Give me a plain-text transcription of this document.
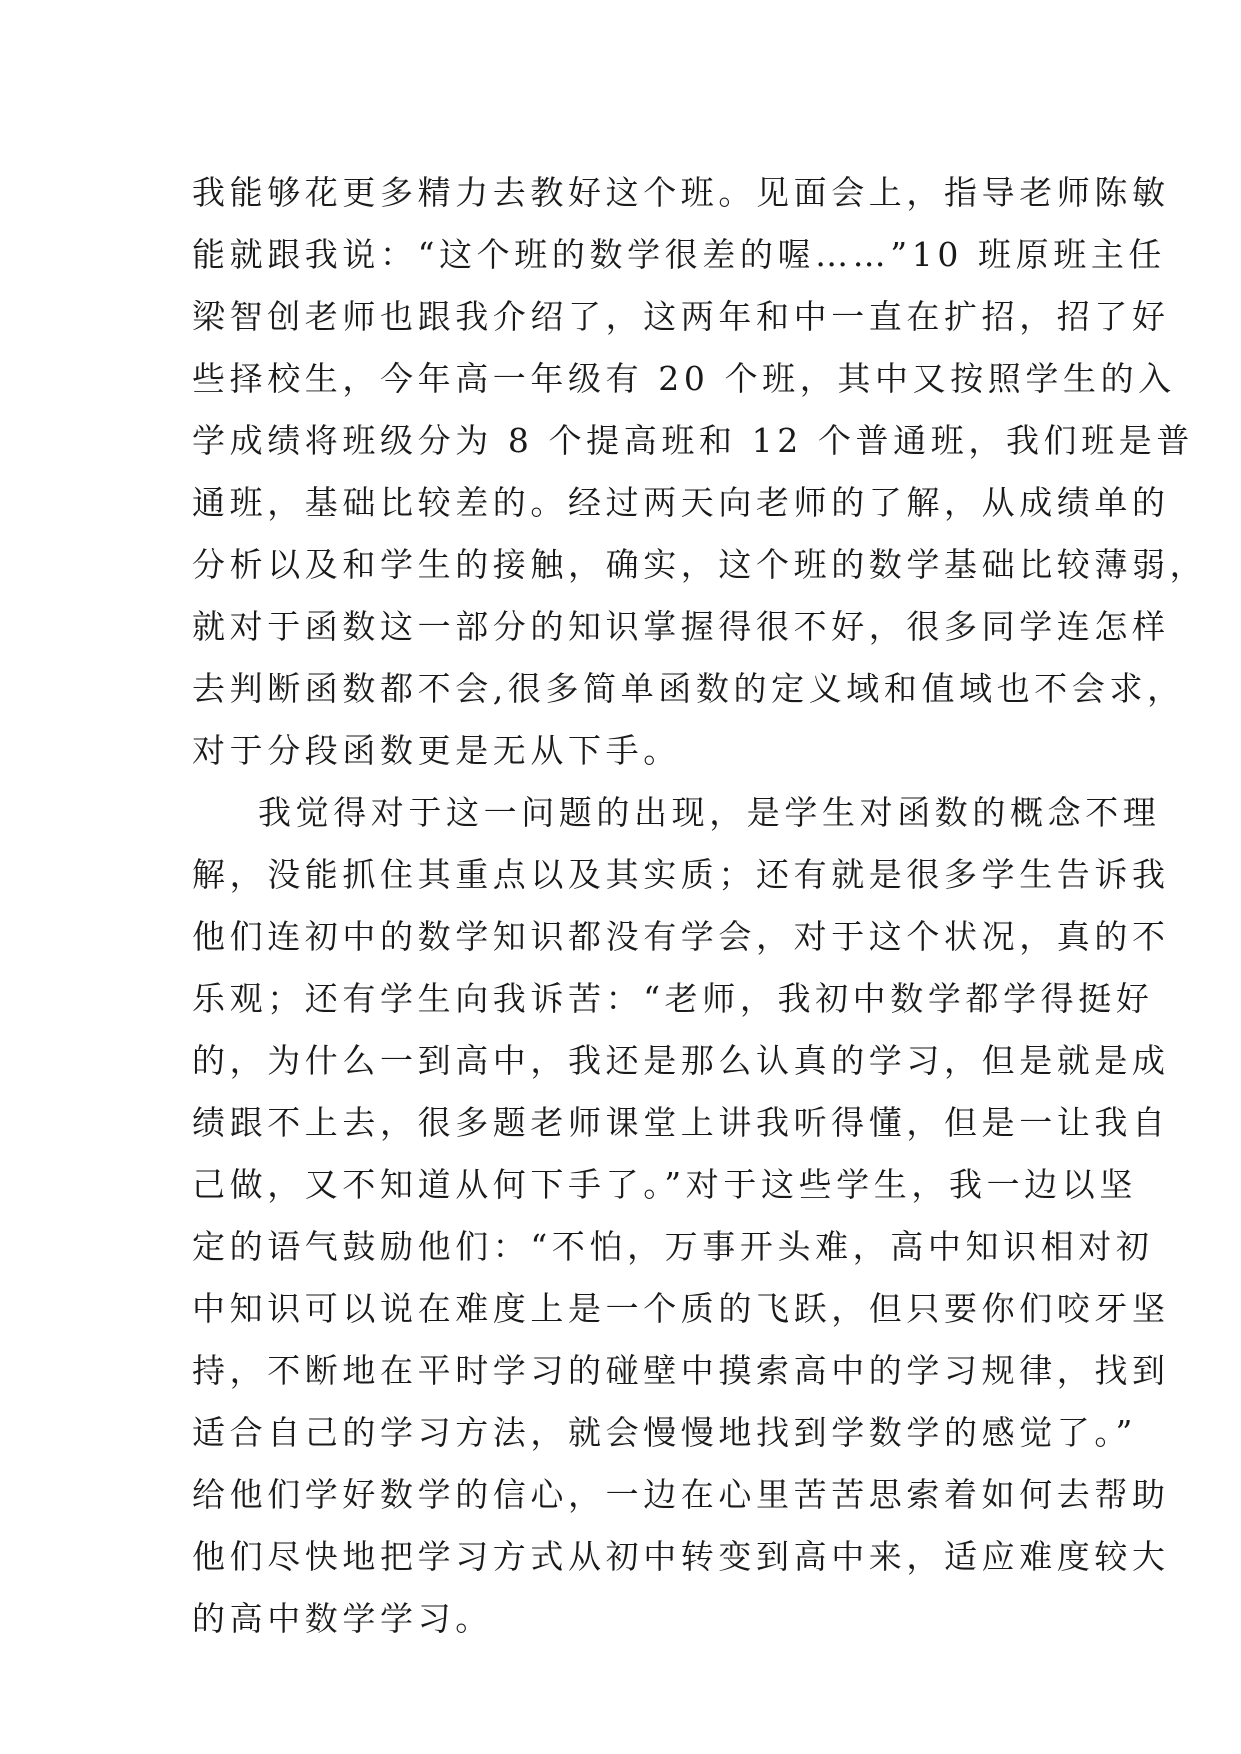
我能够花更多精力去教好这个班。见面会上，指导老师陈敏
能就跟我说：“这个班的数学很差的喔……”10 班原班主任
梁智创老师也跟我介绍了，这两年和中一直在扩招，招了好
些择校生，今年高一年级有 20 个班，其中又按照学生的入
学成绩将班级分为 8 个提高班和 12 个普通班，我们班是普
通班，基础比较差的。经过两天向老师的了解，从成绩单的
分析以及和学生的接触，确实，这个班的数学基础比较薄弱，
就对于函数这一部分的知识掌握得很不好，很多同学连怎样
去判断函数都不会,很多简单函数的定义域和值域也不会求，
对于分段函数更是无从下手。
我觉得对于这一问题的出现，是学生对函数的概念不理
解，没能抓住其重点以及其实质；还有就是很多学生告诉我
他们连初中的数学知识都没有学会，对于这个状况，真的不
乐观；还有学生向我诉苦：“老师，我初中数学都学得挺好
的，为什么一到高中，我还是那么认真的学习，但是就是成
绩跟不上去，很多题老师课堂上讲我听得懂，但是一让我自
己做，又不知道从何下手了。”对于这些学生，我一边以坚
定的语气鼓励他们：“不怕，万事开头难，高中知识相对初
中知识可以说在难度上是一个质的飞跃，但只要你们咬牙坚
持，不断地在平时学习的碰壁中摸索高中的学习规律，找到
适合自己的学习方法，就会慢慢地找到学数学的感觉了。”
给他们学好数学的信心，一边在心里苦苦思索着如何去帮助
他们尽快地把学习方式从初中转变到高中来，适应难度较大
的高中数学学习。
